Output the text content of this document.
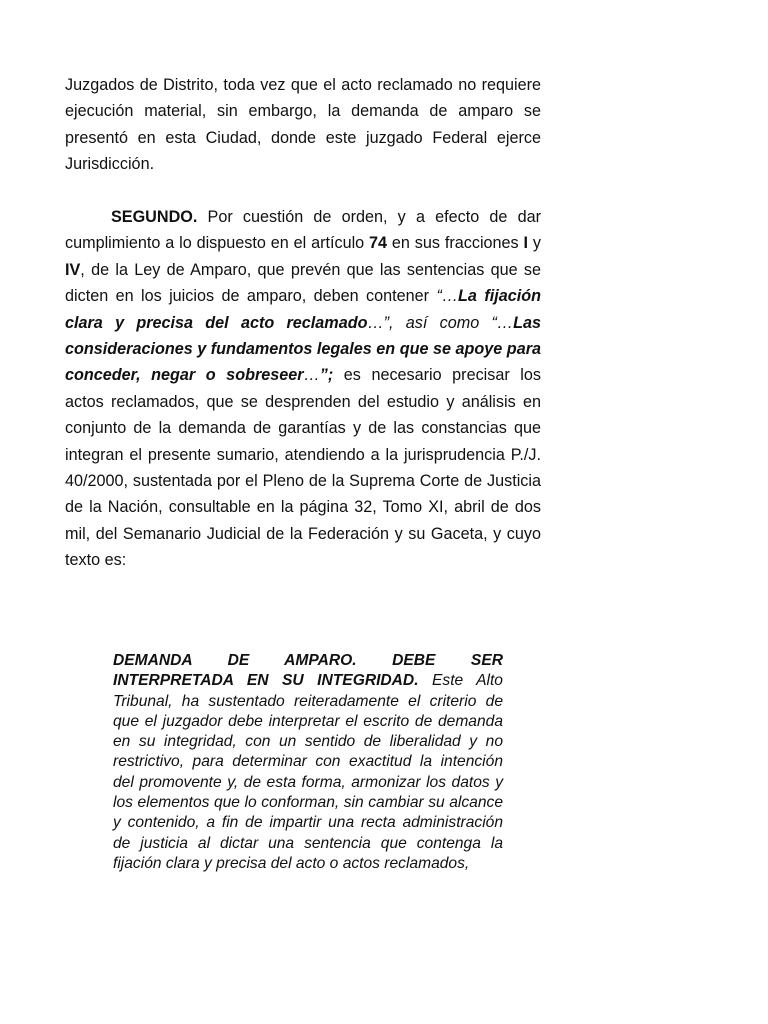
Juzgados de Distrito, toda vez que el acto reclamado no requiere ejecución material, sin embargo, la demanda de amparo se presentó en esta Ciudad, donde este juzgado Federal ejerce Jurisdicción.

SEGUNDO. Por cuestión de orden, y a efecto de dar cumplimiento a lo dispuesto en el artículo 74 en sus fracciones I y IV, de la Ley de Amparo, que prevén que las sentencias que se dicten en los juicios de amparo, deben contener “…La fijación clara y precisa del acto reclamado…”, así como “…Las consideraciones y fundamentos legales en que se apoye para conceder, negar o sobreseer…”; es necesario precisar los actos reclamados, que se desprenden del estudio y análisis en conjunto de la demanda de garantías y de las constancias que integran el presente sumario, atendiendo a la jurisprudencia P./J. 40/2000, sustentada por el Pleno de la Suprema Corte de Justicia de la Nación, consultable en la página 32, Tomo XI, abril de dos mil, del Semanario Judicial de la Federación y su Gaceta, y cuyo texto es:

DEMANDA DE AMPARO. DEBE SER INTERPRETADA EN SU INTEGRIDAD. Este Alto Tribunal, ha sustentado reiteradamente el criterio de que el juzgador debe interpretar el escrito de demanda en su integridad, con un sentido de liberalidad y no restrictivo, para determinar con exactitud la intención del promovente y, de esta forma, armonizar los datos y los elementos que lo conforman, sin cambiar su alcance y contenido, a fin de impartir una recta administración de justicia al dictar una sentencia que contenga la fijación clara y precisa del acto o actos reclamados,
